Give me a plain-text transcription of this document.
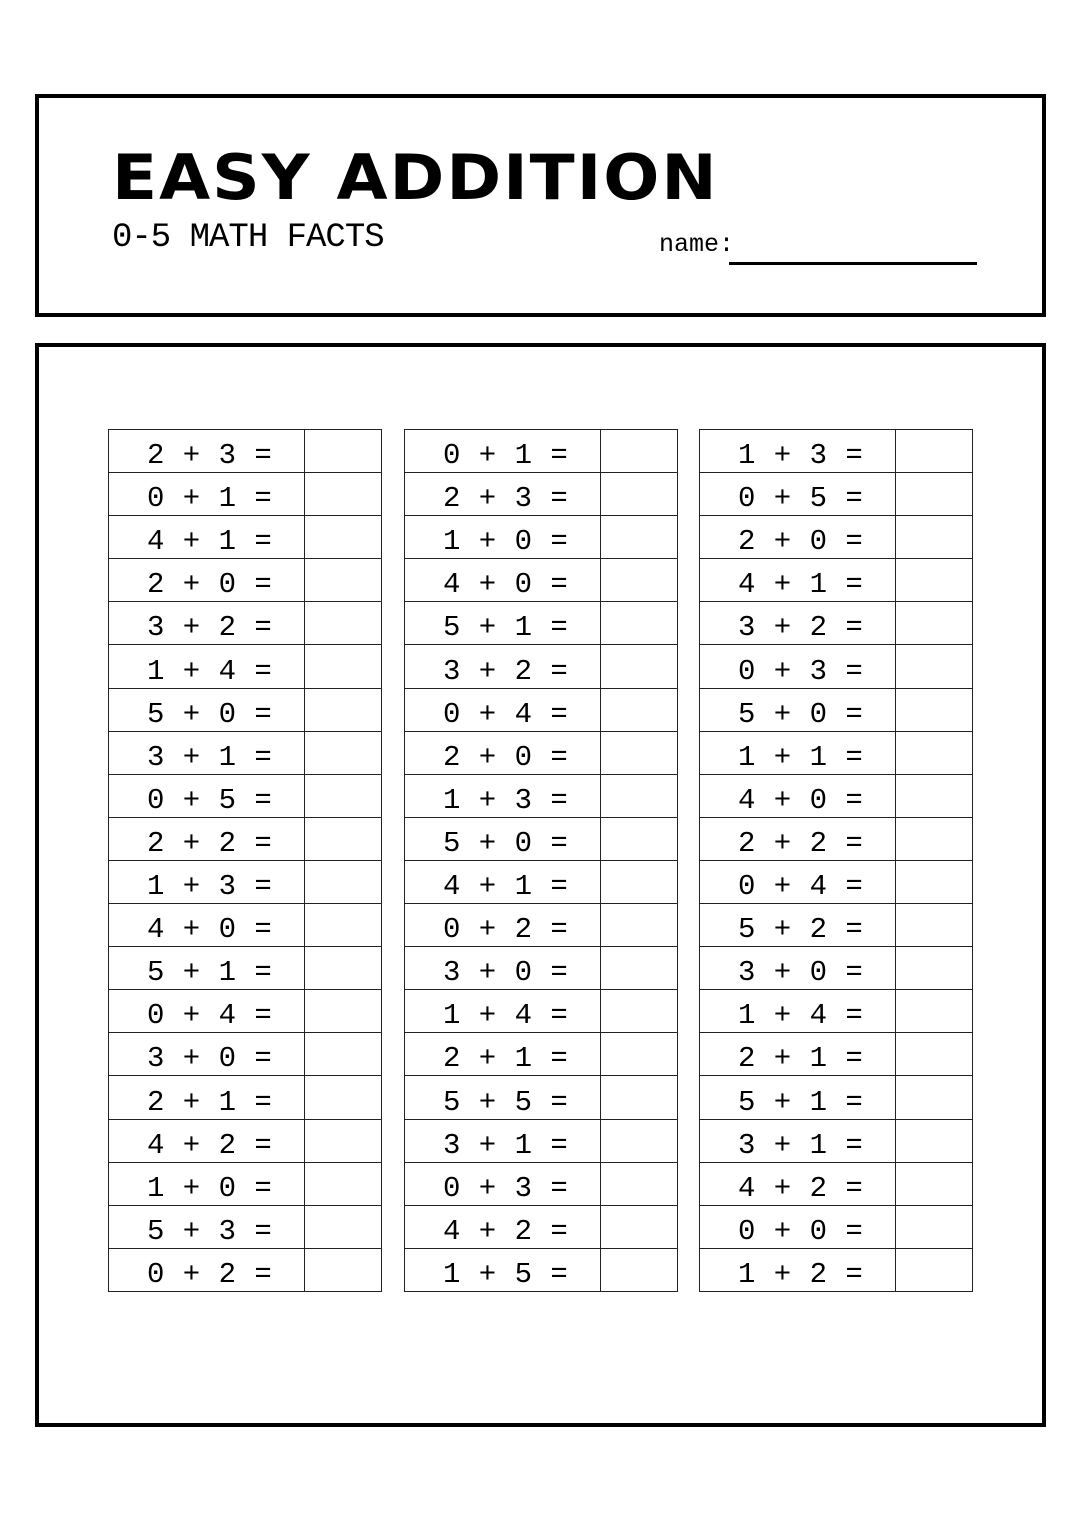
EASY ADDITION
0-5 MATH FACTS	name:
2 + 3 =	
0 + 1 =	
4 + 1 =	
2 + 0 =	
3 + 2 =	
1 + 4 =	
5 + 0 =	
3 + 1 =	
0 + 5 =	
2 + 2 =	
1 + 3 =	
4 + 0 =	
5 + 1 =	
0 + 4 =	
3 + 0 =	
2 + 1 =	
4 + 2 =	
1 + 0 =	
5 + 3 =	
0 + 2 =	
0 + 1 =	
2 + 3 =	
1 + 0 =	
4 + 0 =	
5 + 1 =	
3 + 2 =	
0 + 4 =	
2 + 0 =	
1 + 3 =	
5 + 0 =	
4 + 1 =	
0 + 2 =	
3 + 0 =	
1 + 4 =	
2 + 1 =	
5 + 5 =	
3 + 1 =	
0 + 3 =	
4 + 2 =	
1 + 5 =	
1 + 3 =	
0 + 5 =	
2 + 0 =	
4 + 1 =	
3 + 2 =	
0 + 3 =	
5 + 0 =	
1 + 1 =	
4 + 0 =	
2 + 2 =	
0 + 4 =	
5 + 2 =	
3 + 0 =	
1 + 4 =	
2 + 1 =	
5 + 1 =	
3 + 1 =	
4 + 2 =	
0 + 0 =	
1 + 2 =	
